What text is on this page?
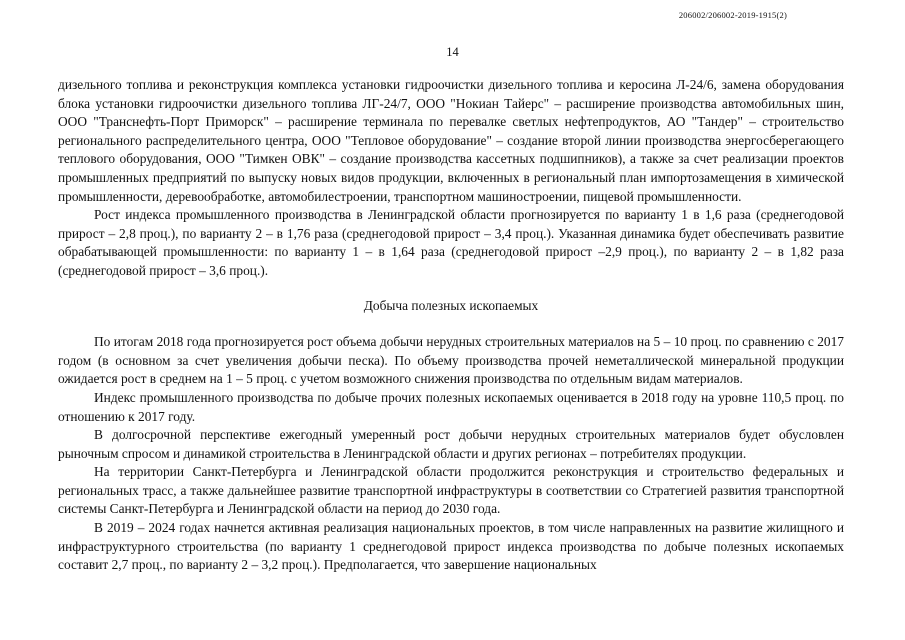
206002/206002-2019-1915(2)
14

дизельного топлива и реконструкция комплекса установки гидроочистки дизельного топлива и керосина Л-24/6, замена оборудования блока установки гидроочистки дизельного топлива ЛГ-24/7, ООО "Нокиан Тайерс" – расширение производства автомобильных шин, ООО "Транснефть-Порт Приморск" – расширение терминала по перевалке светлых нефтепродуктов, АО "Тандер" – строительство регионального распределительного центра, ООО "Тепловое оборудование" – создание второй линии производства энергосберегающего теплового оборудования, ООО "Тимкен ОВК" – создание производства кассетных подшипников), а также за счет реализации проектов промышленных предприятий по выпуску новых видов продукции, включенных в региональный план импортозамещения в химической промышленности, деревообработке, автомобилестроении, транспортном машиностроении, пищевой промышленности.

Рост индекса промышленного производства в Ленинградской области прогнозируется по варианту 1 в 1,6 раза (среднегодовой прирост – 2,8 проц.), по варианту 2 – в 1,76 раза (среднегодовой прирост – 3,4 проц.). Указанная динамика будет обеспечивать развитие обрабатывающей промышленности: по варианту 1 – в 1,64 раза (среднегодовой прирост –2,9 проц.), по варианту 2 – в 1,82 раза (среднегодовой прирост – 3,6 проц.).

Добыча полезных ископаемых

По итогам 2018 года прогнозируется рост объема добычи нерудных строительных материалов на 5 – 10 проц. по сравнению с 2017 годом (в основном за счет увеличения добычи песка). По объему производства прочей неметаллической минеральной продукции ожидается рост в среднем на 1 – 5 проц. с учетом возможного снижения производства по отдельным видам материалов.

Индекс промышленного производства по добыче прочих полезных ископаемых оценивается в 2018 году на уровне 110,5 проц. по отношению к 2017 году.

В долгосрочной перспективе ежегодный умеренный рост добычи нерудных строительных материалов будет обусловлен рыночным спросом и динамикой строительства в Ленинградской области и других регионах – потребителях продукции.

На территории Санкт-Петербурга и Ленинградской области продолжится реконструкция и строительство федеральных и региональных трасс, а также дальнейшее развитие транспортной инфраструктуры в соответствии со Стратегией развития транспортной системы Санкт-Петербурга и Ленинградской области на период до 2030 года.

В 2019 – 2024 годах начнется активная реализация национальных проектов, в том числе направленных на развитие жилищного и инфраструктурного строительства (по варианту 1 среднегодовой прирост индекса производства по добыче полезных ископаемых составит 2,7 проц., по варианту 2 – 3,2 проц.). Предполагается, что завершение национальных
